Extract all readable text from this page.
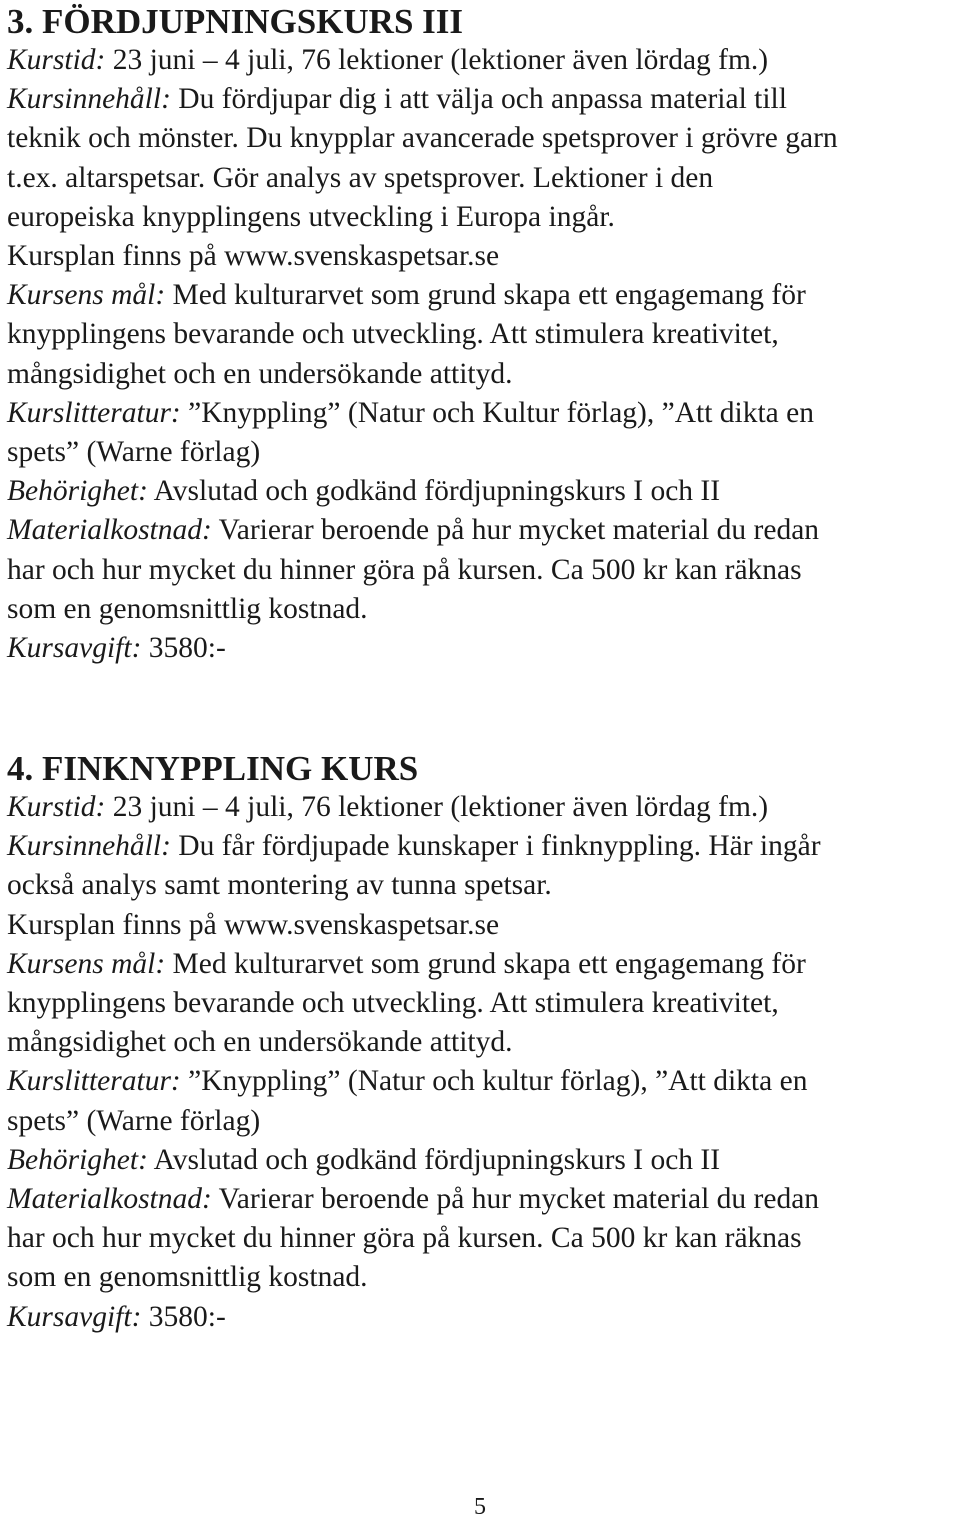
3. FÖRDJUPNINGSKURS III

Kurstid: 23 juni – 4 juli, 76 lektioner (lektioner även lördag fm.)

Kursinnehåll: Du fördjupar dig i att välja och anpassa material till

teknik och mönster. Du knypplar avancerade spetsprover i grövre garn

t.ex. altarspetsar. Gör analys av spetsprover. Lektioner i den

europeiska knypplingens utveckling i Europa ingår.

Kursplan finns på www.svenskaspetsar.se

Kursens mål: Med kulturarvet som grund skapa ett engagemang för

knypplingens bevarande och utveckling. Att stimulera kreativitet,

mångsidighet och en undersökande attityd.

Kurslitteratur: ”Knyppling” (Natur och Kultur förlag), ”Att dikta en

spets” (Warne förlag)

Behörighet: Avslutad och godkänd fördjupningskurs I och II

Materialkostnad: Varierar beroende på hur mycket material du redan

har och hur mycket du hinner göra på kursen. Ca 500 kr kan räknas

som en genomsnittlig kostnad.

Kursavgift: 3580:-

4. FINKNYPPLING KURS

Kurstid: 23 juni – 4 juli, 76 lektioner (lektioner även lördag fm.)

Kursinnehåll: Du får fördjupade kunskaper i finknyppling. Här ingår

också analys samt montering av tunna spetsar.

Kursplan finns på www.svenskaspetsar.se

Kursens mål: Med kulturarvet som grund skapa ett engagemang för

knypplingens bevarande och utveckling. Att stimulera kreativitet,

mångsidighet och en undersökande attityd.

Kurslitteratur: ”Knyppling” (Natur och kultur förlag), ”Att dikta en

spets” (Warne förlag)

Behörighet: Avslutad och godkänd fördjupningskurs I och II

Materialkostnad: Varierar beroende på hur mycket material du redan

har och hur mycket du hinner göra på kursen. Ca 500 kr kan räknas

som en genomsnittlig kostnad.

Kursavgift: 3580:-

5
